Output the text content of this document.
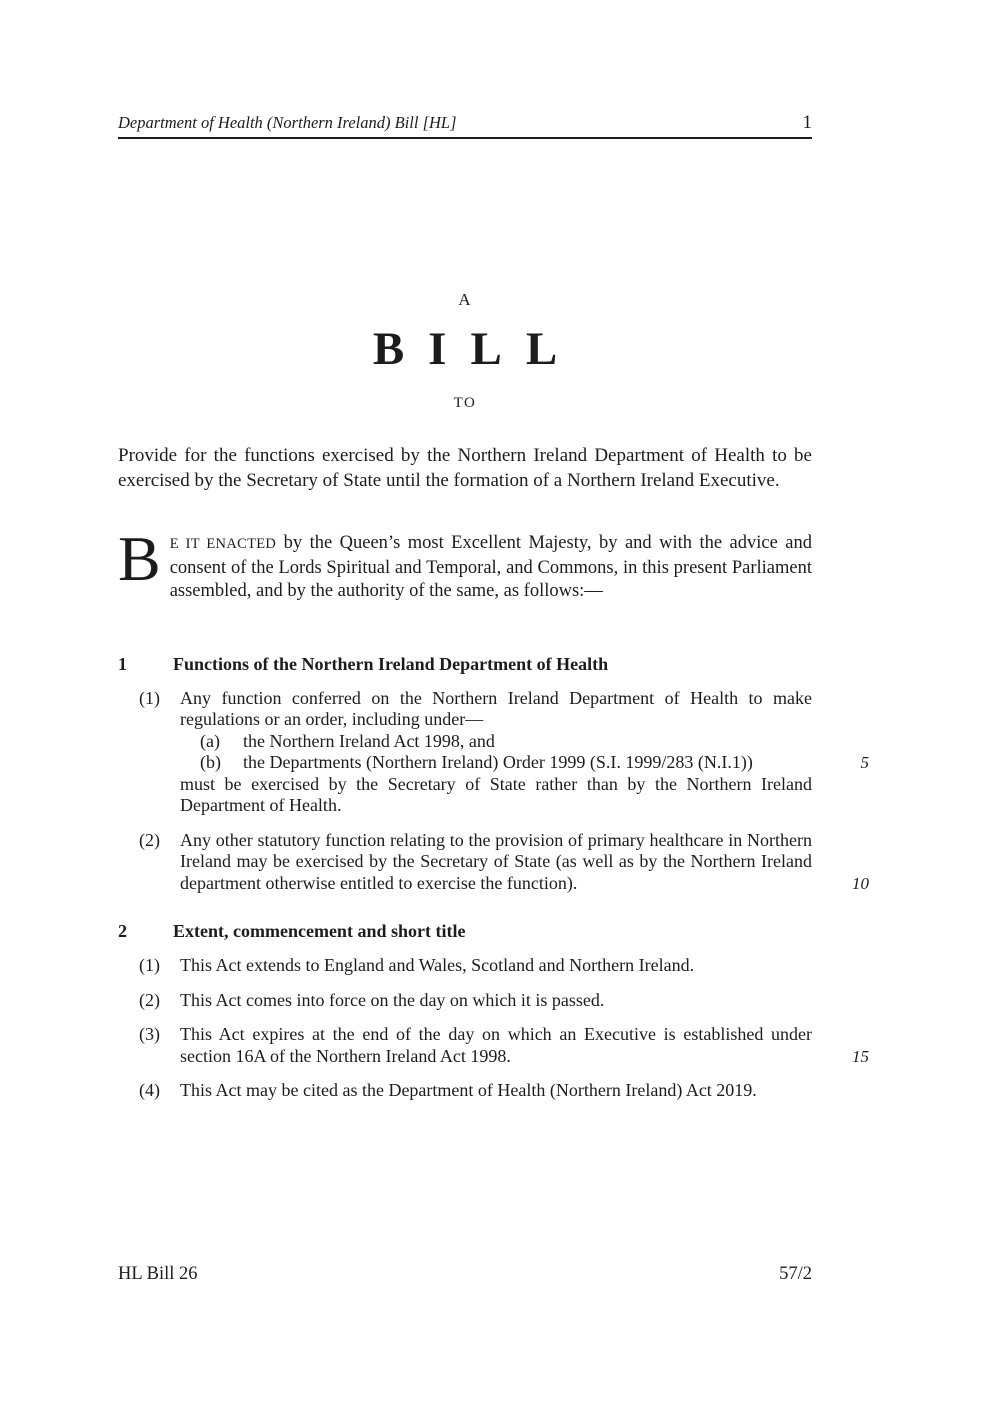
Department of Health (Northern Ireland) Bill [HL]	1
A
BILL
TO

Provide for the functions exercised by the Northern Ireland Department of Health to be exercised by the Secretary of State until the formation of a Northern Ireland Executive.

B E IT ENACTED by the Queen’s most Excellent Majesty, by and with the advice and consent of the Lords Spiritual and Temporal, and Commons, in this present Parliament assembled, and by the authority of the same, as follows:—

1	Functions of the Northern Ireland Department of Health
(1)	Any function conferred on the Northern Ireland Department of Health to make regulations or an order, including under—

(a)	the Northern Ireland Act 1998, and
(b)	the Departments (Northern Ireland) Order 1999 (S.I. 1999/283 (N.I.1))	5

must be exercised by the Secretary of State rather than by the Northern Ireland Department of Health.

(2)	Any other statutory function relating to the provision of primary healthcare in Northern Ireland may be exercised by the Secretary of State (as well as by the Northern Ireland department otherwise entitled to exercise the function).	10
2	Extent, commencement and short title
(1)	This Act extends to England and Wales, Scotland and Northern Ireland.

(2)	This Act comes into force on the day on which it is passed.

(3)	This Act expires at the end of the day on which an Executive is established under section 16A of the Northern Ireland Act 1998.	15
(4)	This Act may be cited as the Department of Health (Northern Ireland) Act 2019.

HL Bill 26	57/2
